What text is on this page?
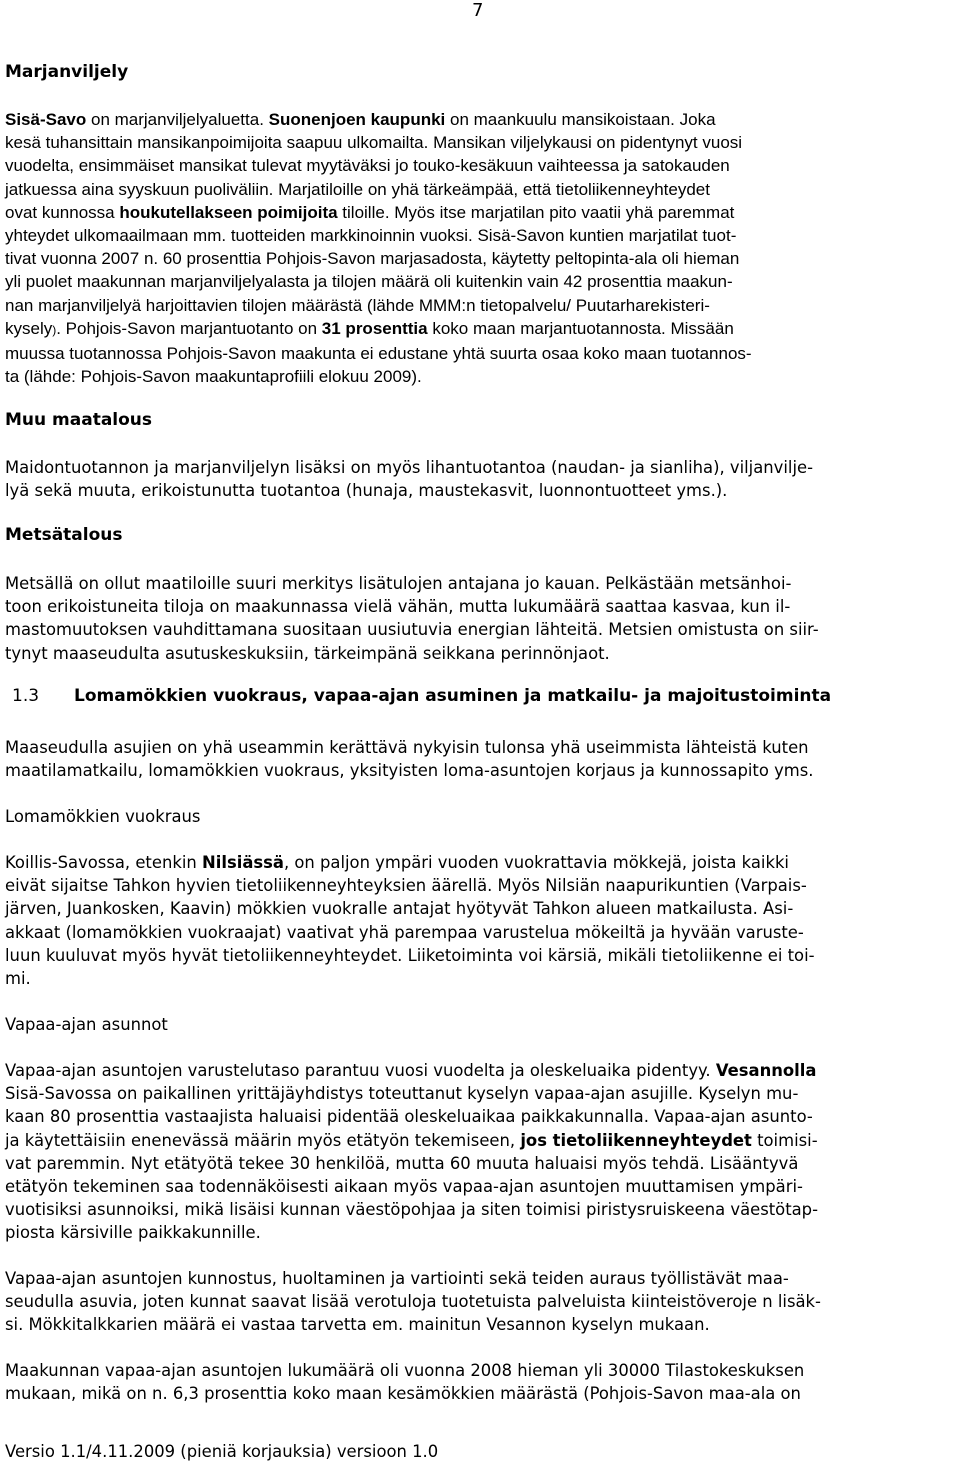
7

Marjanviljely

Sisä-Savo on marjanviljelyaluetta. Suonenjoen kaupunki on maankuulu mansikoistaan. Joka

kesä tuhansittain mansikanpoimijoita saapuu ulkomailta. Mansikan viljelykausi on pidentynyt vuosi

vuodelta, ensimmäiset mansikat tulevat myytäväksi jo touko-kesäkuun vaihteessa ja satokauden

jatkuessa aina syyskuun puoliväliin. Marjatiloille on yhä tärkeämpää, että tietoliikenneyhteydet

ovat kunnossa houkutellakseen poimijoita tiloille. Myös itse marjatilan pito vaatii yhä paremmat

yhteydet ulkomaailmaan mm. tuotteiden markkinoinnin vuoksi. Sisä-Savon kuntien marjatilat tuot-

tivat vuonna 2007 n. 60 prosenttia Pohjois-Savon marjasadosta, käytetty peltopinta-ala oli hieman

yli puolet maakunnan marjanviljelyalasta ja tilojen määrä oli kuitenkin vain 42 prosenttia maakun-

nan marjanviljelyä harjoittavien tilojen määrästä (lähde MMM:n tietopalvelu/ Puutarharekisteri-

kysely). Pohjois-Savon marjantuotanto on 31 prosenttia koko maan marjantuotannosta. Missään

muussa tuotannossa Pohjois-Savon maakunta ei edustane yhtä suurta osaa koko maan tuotannos-

ta (lähde: Pohjois-Savon maakuntaprofiili elokuu 2009).

Muu maatalous

Maidontuotannon ja marjanviljelyn lisäksi on myös lihantuotantoa (naudan- ja sianliha), viljanvilje-

lyä sekä muuta, erikoistunutta tuotantoa (hunaja, maustekasvit, luonnontuotteet yms.).

Metsätalous

Metsällä on ollut maatiloille suuri merkitys lisätulojen antajana jo kauan. Pelkästään metsänhoi-

toon erikoistuneita tiloja on maakunnassa vielä vähän, mutta lukumäärä saattaa kasvaa, kun il-

mastomuutoksen vauhdittamana suositaan uusiutuvia energian lähteitä. Metsien omistusta on siir-

tynyt maaseudulta asutuskeskuksiin, tärkeimpänä seikkana perinnönjaot.

1.3 Lomamökkien vuokraus, vapaa-ajan asuminen ja matkailu- ja majoitustoiminta

Maaseudulla asujien on yhä useammin kerättävä nykyisin tulonsa yhä useimmista lähteistä kuten

maatilamatkailu, lomamökkien vuokraus, yksityisten loma-asuntojen korjaus ja kunnossapito yms.

Lomamökkien vuokraus

Koillis-Savossa, etenkin Nilsiässä, on paljon ympäri vuoden vuokrattavia mökkejä, joista kaikki

eivät sijaitse Tahkon hyvien tietoliikenneyhteyksien äärellä. Myös Nilsiän naapurikuntien (Varpais-

järven, Juankosken, Kaavin) mökkien vuokralle antajat hyötyvät Tahkon alueen matkailusta. Asi-

akkaat (lomamökkien vuokraajat) vaativat yhä parempaa varustelua mökeiltä ja hyvään varuste-

luun kuuluvat myös hyvät tietoliikenneyhteydet. Liiketoiminta voi kärsiä, mikäli tietoliikenne ei toi-

mi.

Vapaa-ajan asunnot

Vapaa-ajan asuntojen varustelutaso parantuu vuosi vuodelta ja oleskeluaika pidentyy. Vesannolla

Sisä-Savossa on paikallinen yrittäjäyhdistys toteuttanut kyselyn vapaa-ajan asujille. Kyselyn mu-

kaan 80 prosenttia vastaajista haluaisi pidentää oleskeluaikaa paikkakunnalla. Vapaa-ajan asunto-

ja käytettäisiin enenevässä määrin myös etätyön tekemiseen, jos tietoliikenneyhteydet toimisi-

vat paremmin. Nyt etätyötä tekee 30 henkilöä, mutta 60 muuta haluaisi myös tehdä. Lisääntyvä

etätyön tekeminen saa todennäköisesti aikaan myös vapaa-ajan asuntojen muuttamisen ympäri-

vuotisiksi asunnoiksi, mikä lisäisi kunnan väestöpohjaa ja siten toimisi piristysruiskeena väestötap-

piosta kärsiville paikkakunnille.

Vapaa-ajan asuntojen kunnostus, huoltaminen ja vartiointi sekä teiden auraus työllistävät maa-

seudulla asuvia, joten kunnat saavat lisää verotuloja tuotetuista palveluista kiinteistöveroje n lisäk-

si. Mökkitalkkarien määrä ei vastaa tarvetta em. mainitun Vesannon kyselyn mukaan.

Maakunnan vapaa-ajan asuntojen lukumäärä oli vuonna 2008 hieman yli 30000 Tilastokeskuksen

mukaan, mikä on n. 6,3 prosenttia koko maan kesämökkien määrästä (Pohjois-Savon maa-ala on

Versio 1.1/4.11.2009 (pieniä korjauksia) versioon 1.0
